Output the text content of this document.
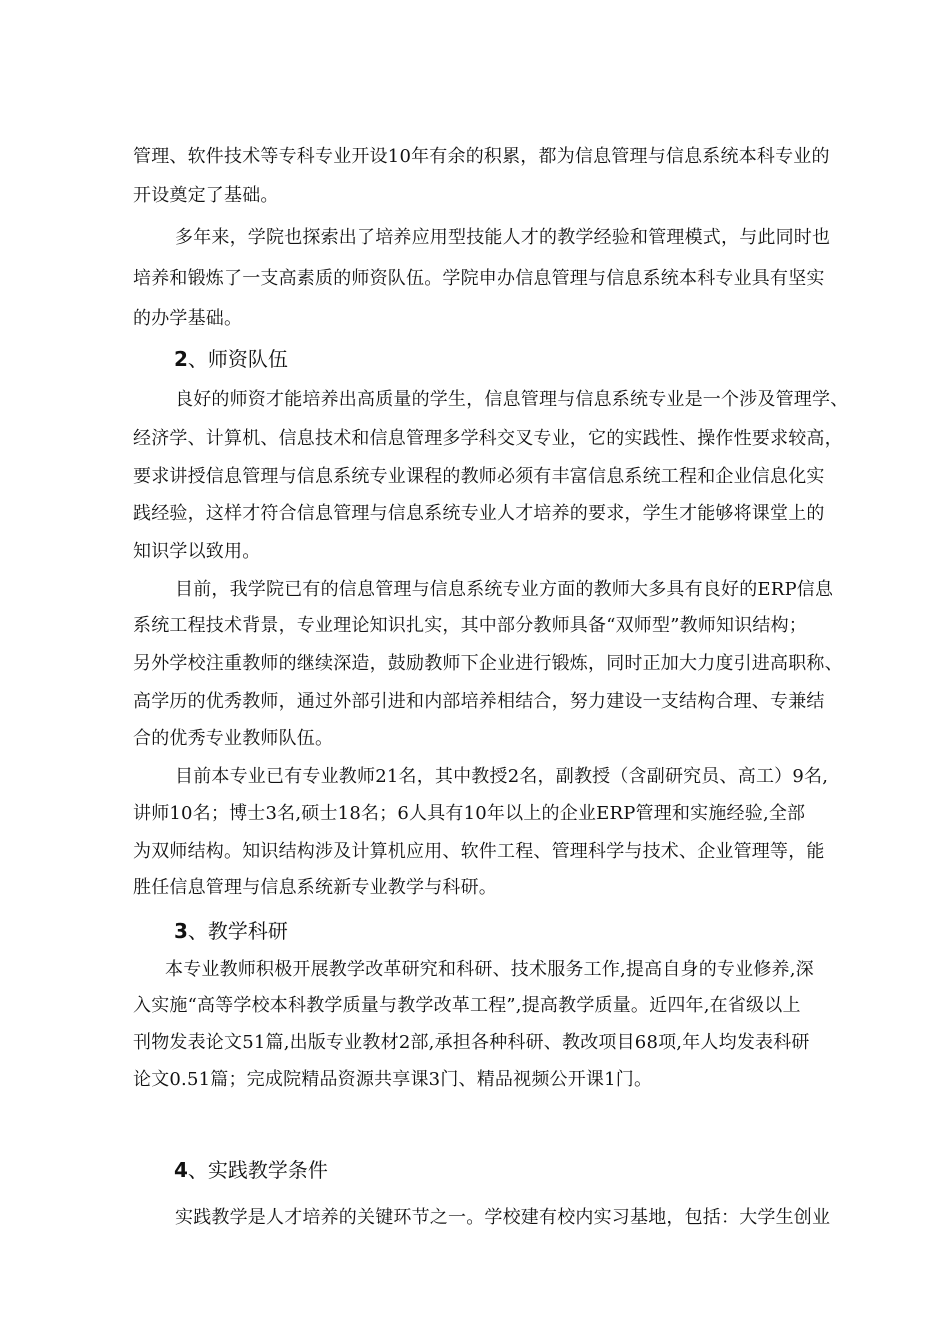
管理、软件技术等专科专业开设10年有余的积累，都为信息管理与信息系统本科专业的
开设奠定了基础。
多年来，学院也探索出了培养应用型技能人才的教学经验和管理模式，与此同时也
培养和锻炼了一支高素质的师资队伍。学院申办信息管理与信息系统本科专业具有坚实
的办学基础。
2、师资队伍
良好的师资才能培养出高质量的学生，信息管理与信息系统专业是一个涉及管理学、
经济学、计算机、信息技术和信息管理多学科交叉专业，它的实践性、操作性要求较高，
要求讲授信息管理与信息系统专业课程的教师必须有丰富信息系统工程和企业信息化实
践经验，这样才符合信息管理与信息系统专业人才培养的要求，学生才能够将课堂上的
知识学以致用。
目前，我学院已有的信息管理与信息系统专业方面的教师大多具有良好的ERP信息
系统工程技术背景，专业理论知识扎实，其中部分教师具备“双师型”教师知识结构；
另外学校注重教师的继续深造，鼓励教师下企业进行锻炼，同时正加大力度引进高职称、
高学历的优秀教师，通过外部引进和内部培养相结合，努力建设一支结构合理、专兼结
合的优秀专业教师队伍。
目前本专业已有专业教师21名，其中教授2名，副教授（含副研究员、高工）9名,
讲师10名；博士3名,硕士18名；6人具有10年以上的企业ERP管理和实施经验,全部
为双师结构。知识结构涉及计算机应用、软件工程、管理科学与技术、企业管理等，能
胜任信息管理与信息系统新专业教学与科研。
3、教学科研
本专业教师积极开展教学改革研究和科研、技术服务工作,提高自身的专业修养,深
入实施“高等学校本科教学质量与教学改革工程”,提高教学质量。近四年,在省级以上
刊物发表论文51篇,出版专业教材2部,承担各种科研、教改项目68项,年人均发表科研
论文0.51篇；完成院精品资源共享课3门、精品视频公开课1门。
4、实践教学条件
实践教学是人才培养的关键环节之一。学校建有校内实习基地，包括：大学生创业
